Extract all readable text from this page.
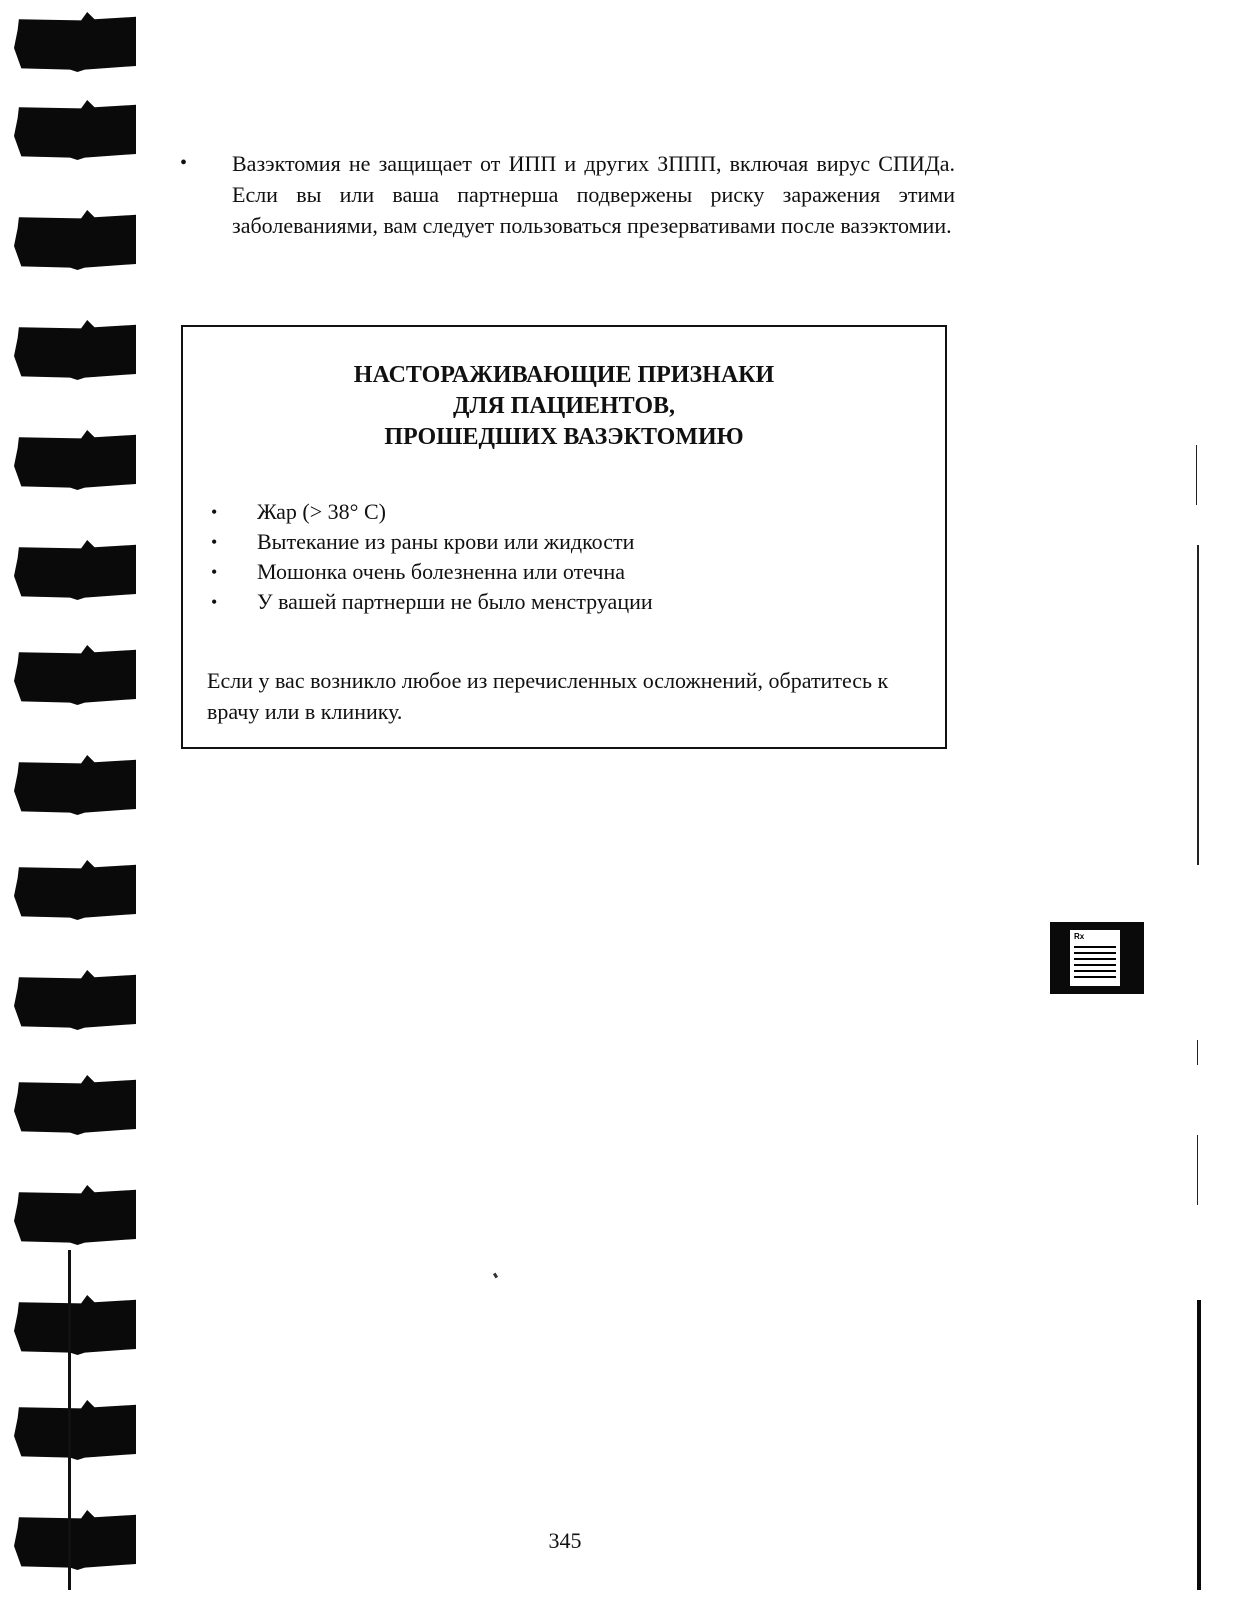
• Вазэктомия не защищает от ИПП и других ЗППП, включая вирус СПИДа. Если вы или ваша партнерша подвержены риску заражения этими заболеваниями, вам следует пользоваться презервативами после вазэктомии.
НАСТОРАЖИВАЮЩИЕ ПРИЗНАКИ
ДЛЯ ПАЦИЕНТОВ,
ПРОШЕДШИХ ВАЗЭКТОМИЮ
• Жар (> 38° С)
• Вытекание из раны крови или жидкости
• Мошонка очень болезненна или отечна
• У вашей партнерши не было менструации
Если у вас возникло любое из перечисленных осложнений, обратитесь к врачу или в клинику.
Rx
345
